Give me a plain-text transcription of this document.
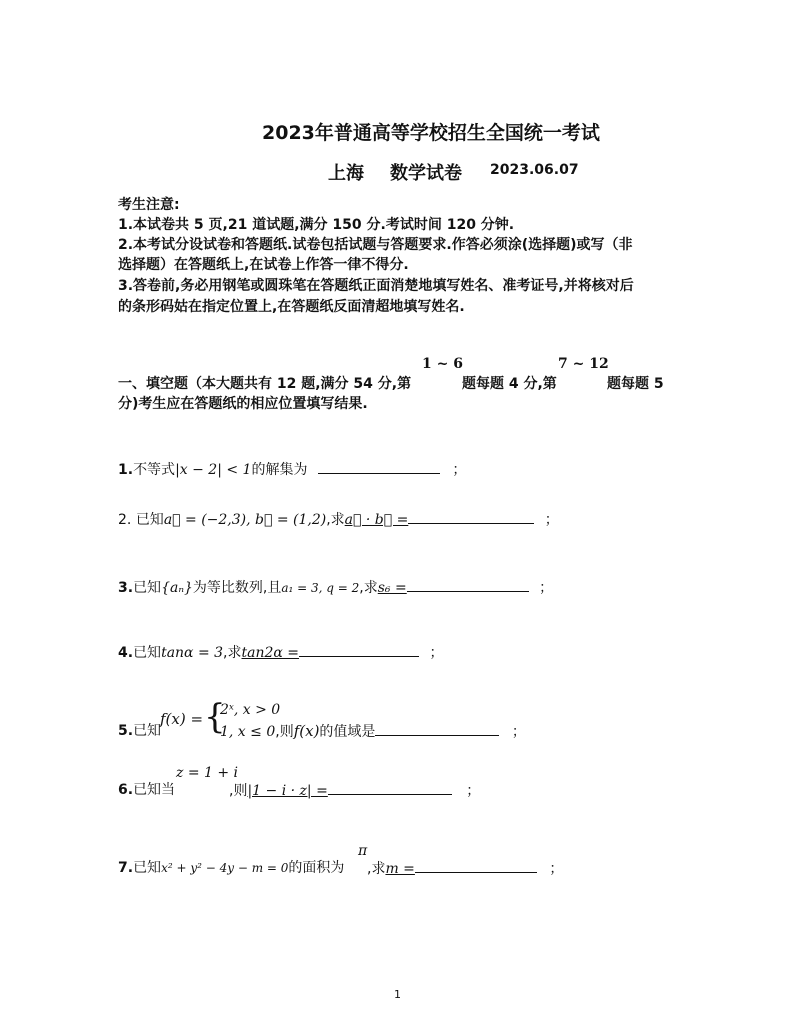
2023年普通高等学校招生全国统一考试
上海 数学试卷 2023.06.07
考生注意:
1.本试卷共 5 页,21 道试题,满分 150 分.考试时间 120 分钟.
2.本考试分设试卷和答题纸.试卷包括试题与答题要求.作答必须涂(选择题)或写（非
选择题）在答题纸上,在试卷上作答一律不得分.
3.答卷前,务必用钢笔或圆珠笔在答题纸正面消楚地填写姓名、准考证号,并将核对后
的条形码姑在指定位置上,在答题纸反面清超地填写姓名.
一、填空题（本大题共有 12 题,满分 54 分,第
1 ~ 6
题每题 4 分,第
7 ~ 12
题每题 5
分)考生应在答题纸的相应位置填写结果.
1.不等式|x − 2| < 1的解集为	；
2. 已知a⃗ = (−2,3), b⃗ = (1,2),求a⃗ · b⃗ =	；
3.已知{aₙ}为等比数列,且a₁ = 3, q = 2,求s₆ =	；
4.已知tanα = 3,求tan2α =	；
5.已知
f(x) = {
2ˣ, x > 0
1, x ≤ 0,则f(x)的值域是	；
6.已知当
z = 1 + i
,则|1 − i · z| =	；
7.已知x² + y² − 4y − m = 0的面积为
π
,求m =	；
1
